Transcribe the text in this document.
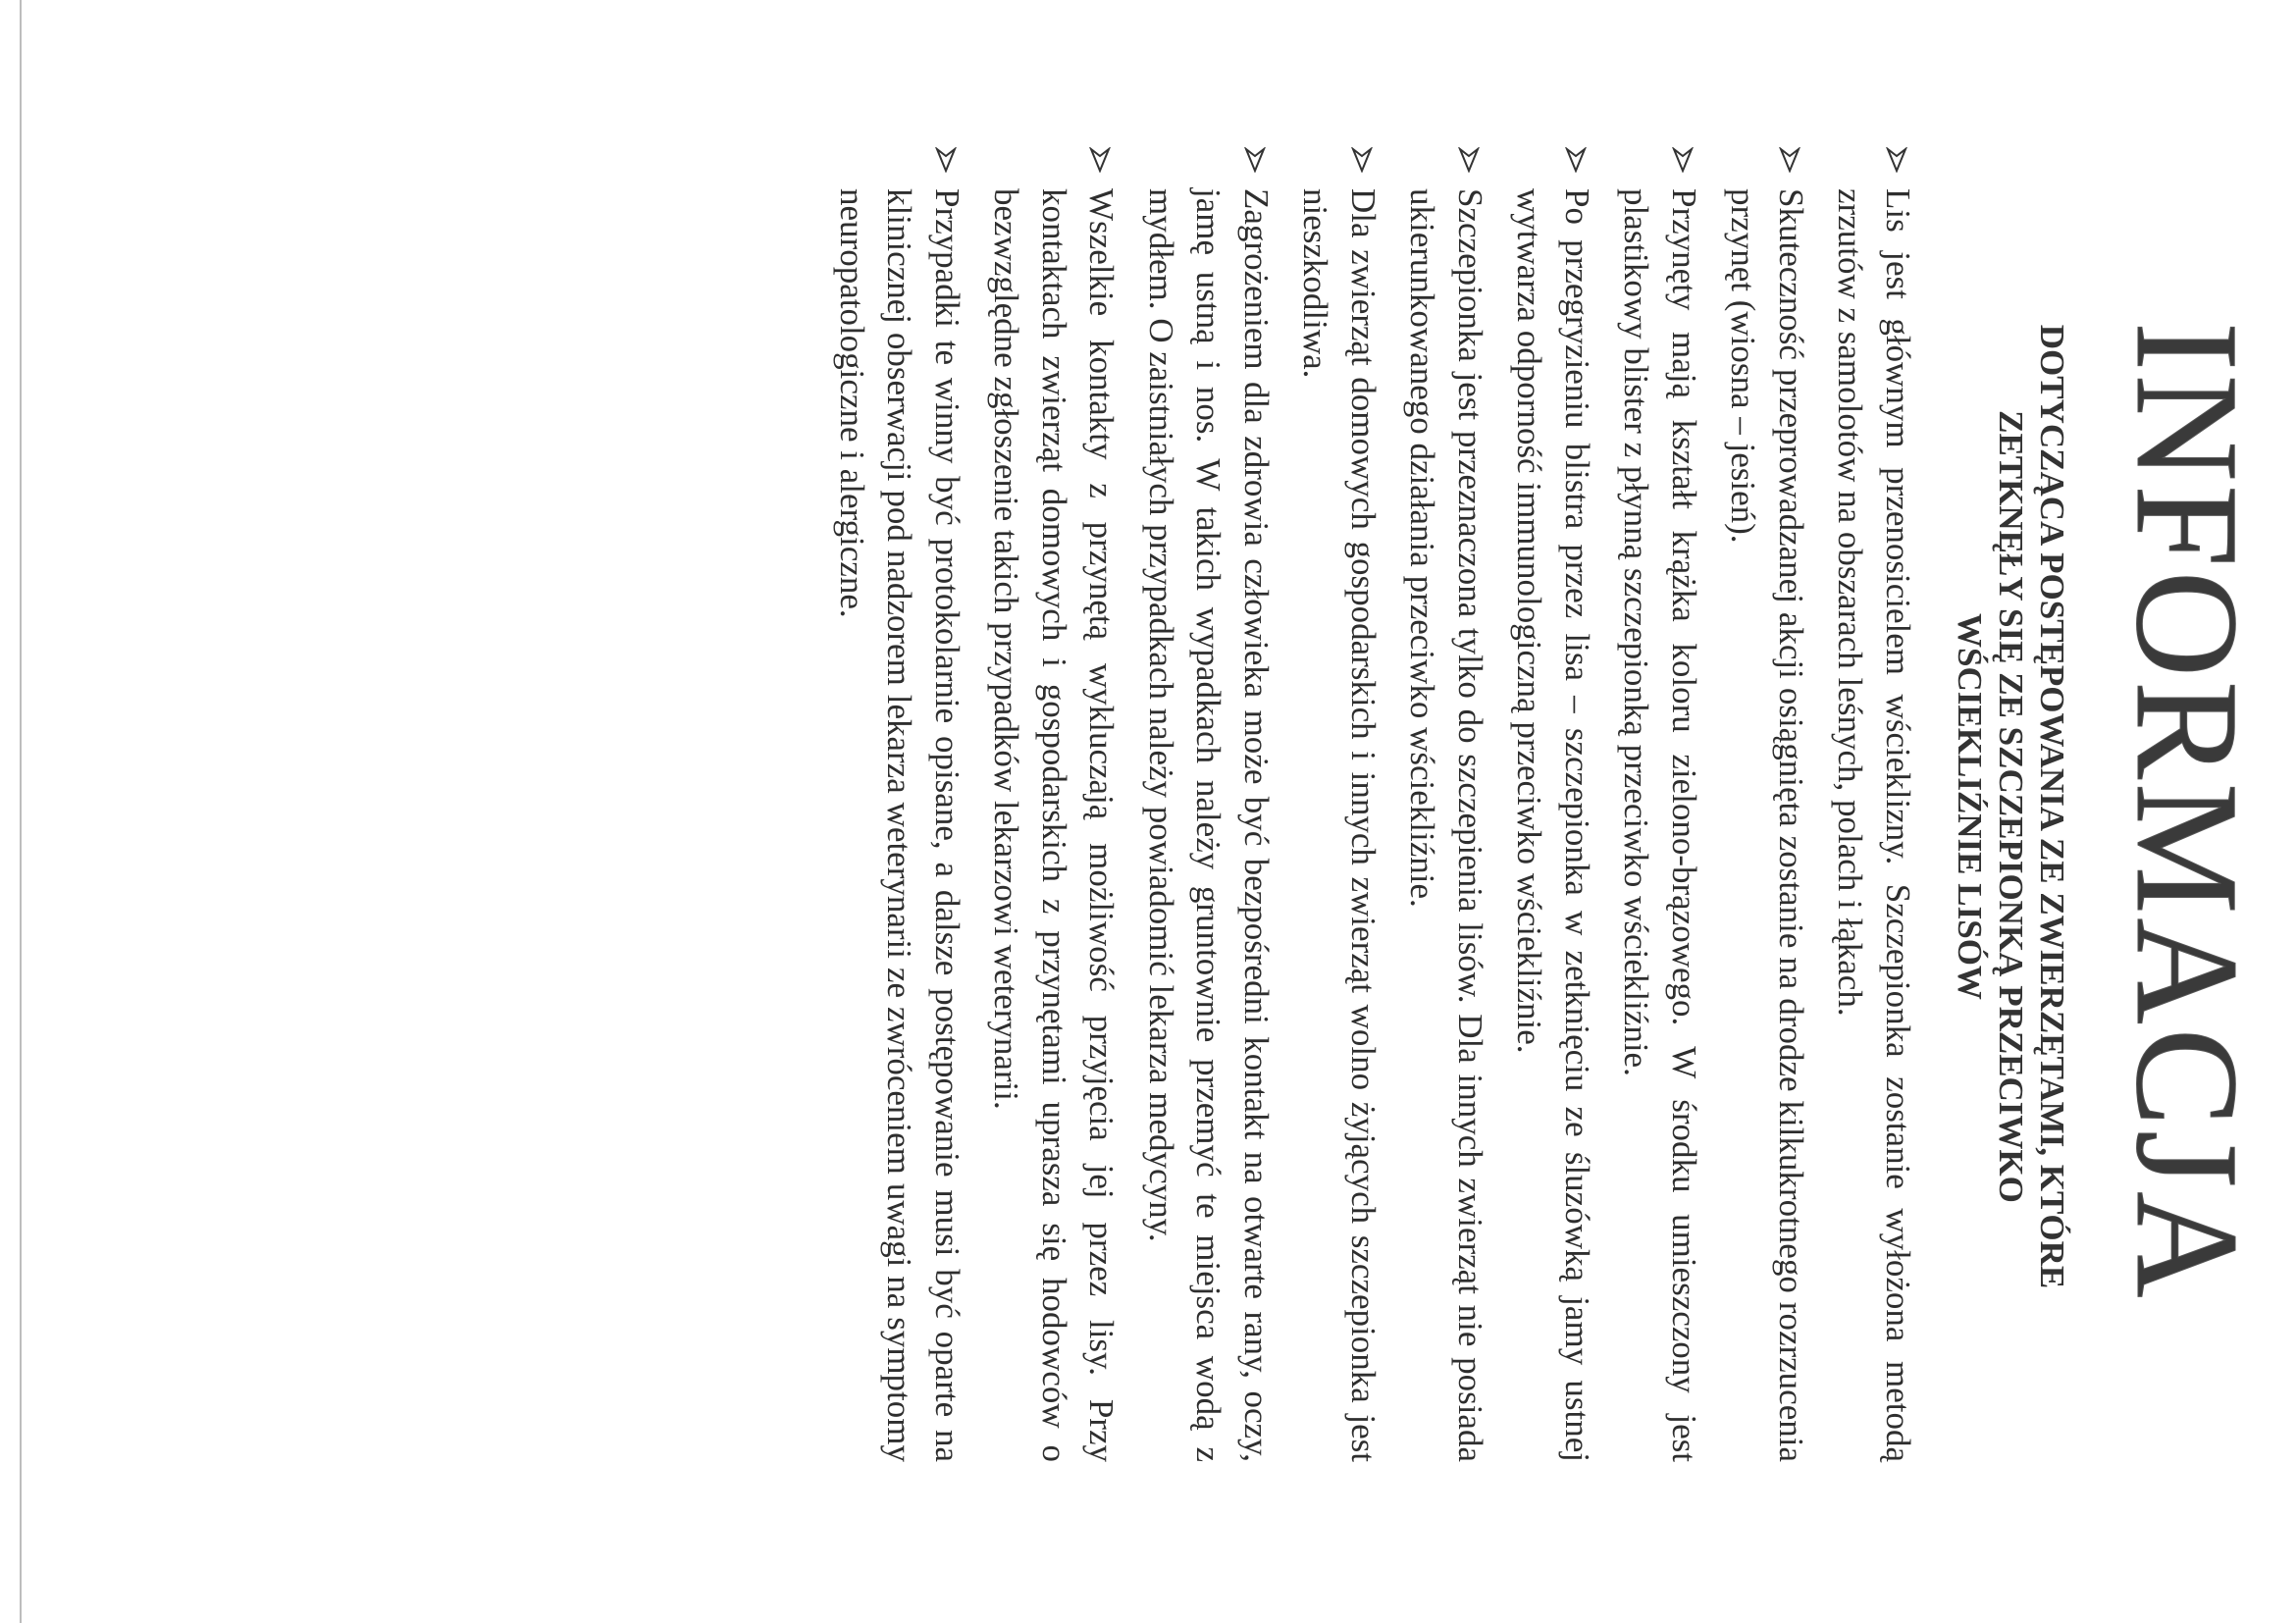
INFORMACJA
DOTYCZĄCA POSTĘPOWANIA ZE ZWIERZĘTAMI, KTÓRE
ZETKNĘŁY SIĘ ZE SZCZEPIONKĄ PRZECIWKO
WŚCIEKLIŹNIE LISÓW
Lis jest głównym przenosicielem wścieklizny. Szczepionka zostanie wyłożona metodą zrzutów z samolotów na obszarach leśnych, polach i łąkach.
Skuteczność przeprowadzanej akcji osiągnięta zostanie na drodze kilkukrotnego rozrzucenia przynęt (wiosna – jesień).
Przynęty mają kształt krążka koloru zielono-brązowego. W środku umieszczony jest plastikowy blister z płynną szczepionką przeciwko wściekliźnie.
Po przegryzieniu blistra przez lisa – szczepionka w zetknięciu ze śluzówką jamy ustnej wytwarza odporność immunologiczną przeciwko wściekliźnie.
Szczepionka jest przeznaczona tylko do szczepienia lisów. Dla innych zwierząt nie posiada ukierunkowanego działania przeciwko wściekliźnie.
Dla zwierząt domowych gospodarskich i innych zwierząt wolno żyjących szczepionka jest nieszkodliwa.
Zagrożeniem dla zdrowia człowieka może być bezpośredni kontakt na otwarte rany, oczy, jamę ustną i nos. W takich wypadkach należy gruntownie przemyć te miejsca wodą z mydłem. O zaistniałych przypadkach należy powiadomić lekarza medycyny.
Wszelkie kontakty z przynętą wykluczają możliwość przyjęcia jej przez lisy. Przy kontaktach zwierząt domowych i gospodarskich z przynętami uprasza się hodowców o bezwzględne zgłoszenie takich przypadków lekarzowi weterynarii.
Przypadki te winny być protokolarnie opisane, a dalsze postępowanie musi być oparte na klinicznej obserwacji pod nadzorem lekarza weterynarii ze zwróceniem uwagi na symptomy neuropatologiczne i alergiczne.
